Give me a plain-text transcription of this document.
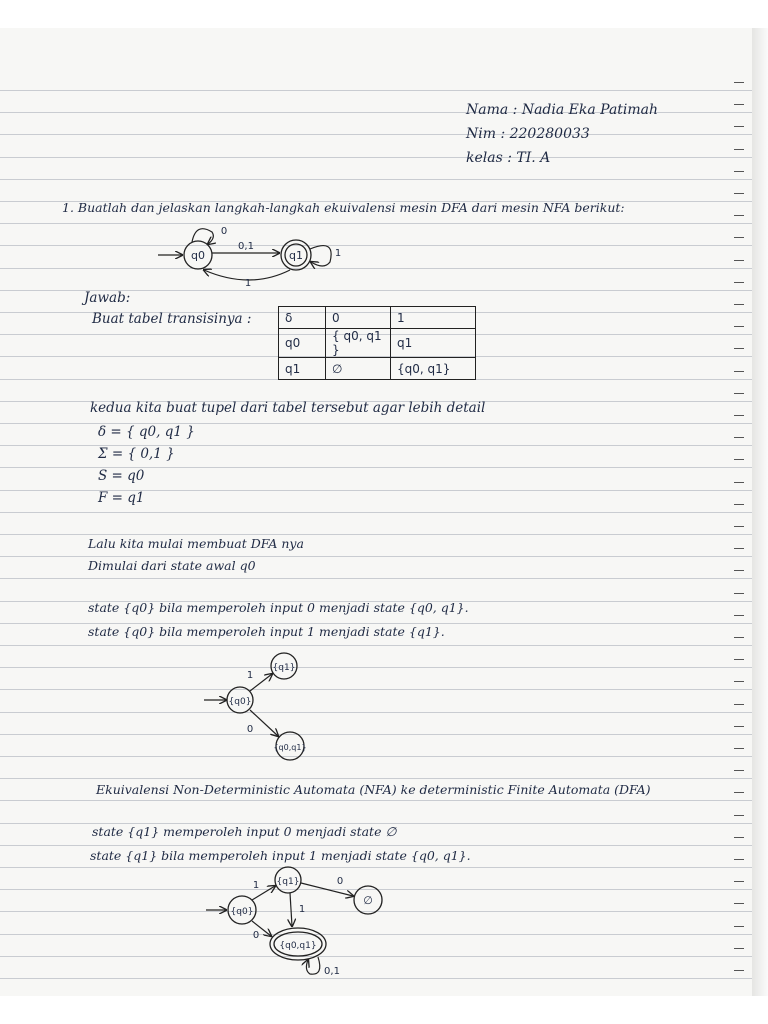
Nama : Nadia Eka Patimah
Nim : 220280033
kelas : TI. A
1. Buatlah dan jelaskan langkah-langkah ekuivalensi mesin DFA dari mesin NFA berikut:
q0	q1
0,1
1
0
1
Jawab:
Buat tabel transisinya :	δ	0	1
q0	{ q0, q1 }	q1
q1	∅	{q0, q1}
kedua kita buat tupel dari tabel tersebut agar lebih detail
δ = { q0, q1 }
Σ = { 0,1 }
S = q0
F = q1
Lalu kita mulai membuat DFA nya
Dimulai dari state awal q0
state {q0} bila memperoleh input 0 menjadi state {q0, q1}.
state {q0} bila memperoleh input 1 menjadi state {q1}.
{q0}
{q1}
{q0,q1}
1
0
Ekuivalensi Non-Deterministic Automata (NFA) ke deterministic Finite Automata (DFA)
state {q1} memperoleh input 0 menjadi state ∅
state {q1} bila memperoleh input 1 menjadi state {q0, q1}.
{q0}
{q1}
∅
{q0,q1}
1	0
1
0
0,1
